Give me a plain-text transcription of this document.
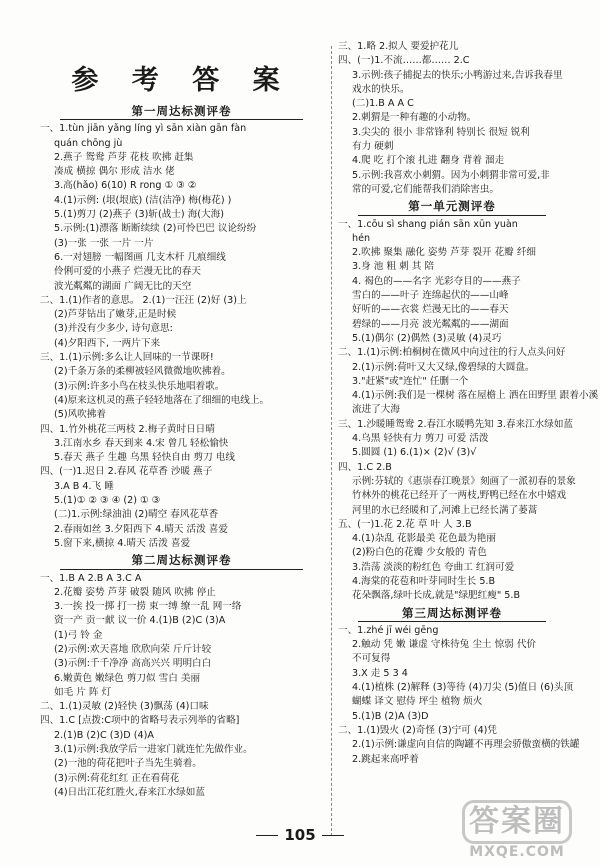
参 考 答 案
第一周达标测评卷
一、1.tùn jiān yǎng líng yì sān xiàn gān fàn
quán chōng jù
2.燕子 鸳鸯 芦芽 花枝 吹拂 赶集
凑成 横掠 偶尔 形成 洁水 佬
3.高(hǎo) 6(10) R rong ① ③ ②
4.(1)示例: (垠(垠底) (洁(洁净) 梅(梅花) )
5.(1)剪刀 (2)燕子 (3)斩(战士) 海(大海)
5.示例:(1)漂落 断断续续 (2)可怜巴巴 议论纷纷
(3)一张 一张 一片 一片
6.一对翅膀 一幅图画 几支木杆 几痕细线
伶俐可爱的小燕子 烂漫无比的春天
波光粼粼的湖面 广阔无比的天空
二、1.(1)作者的意思。 2.(1)一汪汪 (2)好 (3)上
(2)芦芽钻出了嫩芽,正是时候
(3)并没有少多少, 诗句意思:
(4)夕阳西下, 一两片下来
三、1.(1)示例:多么让人回味的一节课呀!
(2)千条万条的柔柳被轻风微微地吹拂着。
(3)示例:许多小鸟在枝头快乐地唱着歌。
(4)原来这机灵的燕子轻轻地落在了细细的电线上。
(5)风吹拂着
四、1.竹外桃花三两枝 2.梅子黄时日日晴
3.江南水乡 春天到来 4.宋 曾几 轻松愉快
5.春天 燕子 生趣 乌黑 轻快自由 剪刀 电线
四、(一)1.迟日 2.春风 花草香 沙暖 燕子
3.A B 4.飞 睡
5.(1)① ② ③ ④ (2) ① ③
(二)1.示例:绿油油 (2)晴空 春风花草香
2.春雨如丝 3.夕阳西下 4.晴天 活泼 喜爱
5.窗下来,横掠 4.晴天 活泼 喜爱
第二周达标测评卷
一、1.B A 2.B A 3.C A
2.花瓣 姿势 芦芽 破裂 随风 吹拂 停止
3.一挨 投一掷 打一捞 束一缚 缭一乱 网一络
资一产 贡一献 议一价 4.(1)B (2)C (3)A
(1)弓 铃 金
(2)示例:欢天喜地 欣欣向荣 斤斤计较
(3)示例:千千净净 高高兴兴 明明白白
6.嫩黄色 嫩绿色 剪刀似 雪白 美丽
如毛 片 阵 灯
二、1.(1)灵敏 (2)轻快 (3)飘荡 (4)口味
四、1.C [点拨:C项中的省略号表示列举的省略]
2.(1)B (2)C (3)D (4)A
3.(1)示例:我放学后一进家门就连忙先做作业。
(2)一池的荷花把叶子当先生骑着。
(3)示例:荷花红红 正在看荷花
(4)日出江花红胜火,春来江水绿如蓝
三、1.略 2.拟人 要爱护花儿
四、(一)1.不流……都…… 2.C
3.示例:孩子捕捉去的快乐;小鸭游过来,告诉我春里
戏水的快乐。
(二)1.B A A C
2.刺猬是一种有趣的小动物。
3.尖尖的 很小 非常锋利 特别长 很短 锐利
有力 硬刺
4.爬 吃 打个滚 扎进 翻身 背着 溜走
5.示例:我喜欢小刺猬。因为小刺猬非常可爱,非
常的可爱,它们能帮我们消除害虫。
第一单元测评卷
一、1.cōu sì shang pián sān xūn yuàn
hén
2.吹拂 聚集 融化 姿势 芦芽 裂开 花瓣 纤细
3.身 池 粗 刺 其 陪
4. 褐色的——名字 光彩夺目的——燕子
雪白的——叶子 连绵起伏的——山峰
好听的——衣裳 烂漫无比的——春天
碧绿的——月亮 波光粼粼的——湖面
5.(1)偶尔 (2)偶然 (3)灵敏 (4)灵巧
二、1.(1)示例:柏桐树在微风中向过往的行人点头问好
2.(1)示例:荷叶又大又绿,像碧绿的大圆盘。
3."赶紧"或"连忙" 任删一个
4.(1)示例:我们是一棵树 落在屋檐上 洒在田野里 跟着小溪
流进了大海
三、1.沙暖睡鸳鸯 2.春江水暖鸭先知 3.春来江水绿如蓝
4.乌黑 轻快有力 剪刀 可爱 活泼
5.圆圆 (1) 6.(1)× (2)√ (3)√
四、1.C 2.B
示例:芬轼的《惠崇春江晚景》刻画了一派初春的景象
竹林外的桃花已经开了一两枝,野鸭已经在水中嬉戏
河里的水已经暖和了,河滩上已经长满了蒌蒿
五、(一)1.花 2.花 草 叶 人 3.B
4.(1)杂乱 花影最美 花色最为艳丽
(2)粉白色的花瓣 少女般的 青色
3.浩荡 淡淡的粉红色 夸曲工 红润可爱
4.海棠的花苞和叶芽同时生长 5.B
花朵飘落,绿叶长成,就是"绿肥红瘦" 5.B
第三周达标测评卷
一、1.zhé jī wéi gēng
2.触动 凭 嫩 谦虚 守株待兔 尘土 惊弱 代价
不可复得
3.X 走 5 3 4
4.(1)植株 (2)解释 (3)等待 (4)刀尖 (5)值日 (6)头顶
蝴蝶 译文 慰侍 坪尘 植物 烦火
5.(1)B (2)A (3)D
二、1.(1)毁火 (2)奇怪 (3)宁可 (4)凭
2.(1)示例:谦虚向自信的陶罐不再理会骄傲蛮横的铁罐
2.跳起来高呼着
105	答案圈
MXQE.COM
